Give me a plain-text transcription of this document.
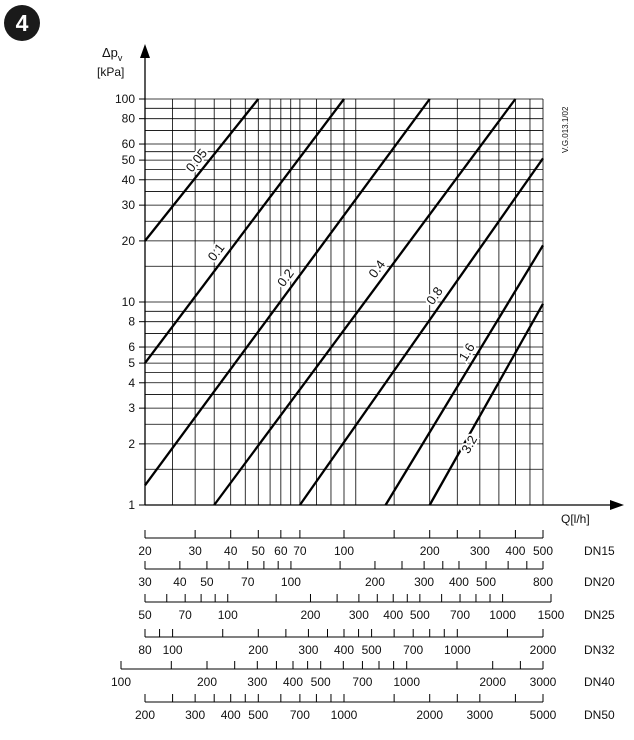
4
$\Delta p_v$
[kPa]
Q[l/h]
V.G.013.1/02
1
2
3
4
5
6
8
10
20
30
40
50
60
80
100
0.05
0.1
0.2	0.4
0.8
1.6
3.2
20	30 40 50 60 70 100	200	300 400 500	DN15
30 40 50 70 100	200 300 400 500	800	DN20
50 70 100	200 300 400 500 700 1000 1500 DN25
80 100	200	300 400 500 700 1000	2000 DN32
100	200	300 400 500 700 1000	2000 3000 DN40
200	300 400 500 700 1000	2000 3000	5000 DN50
